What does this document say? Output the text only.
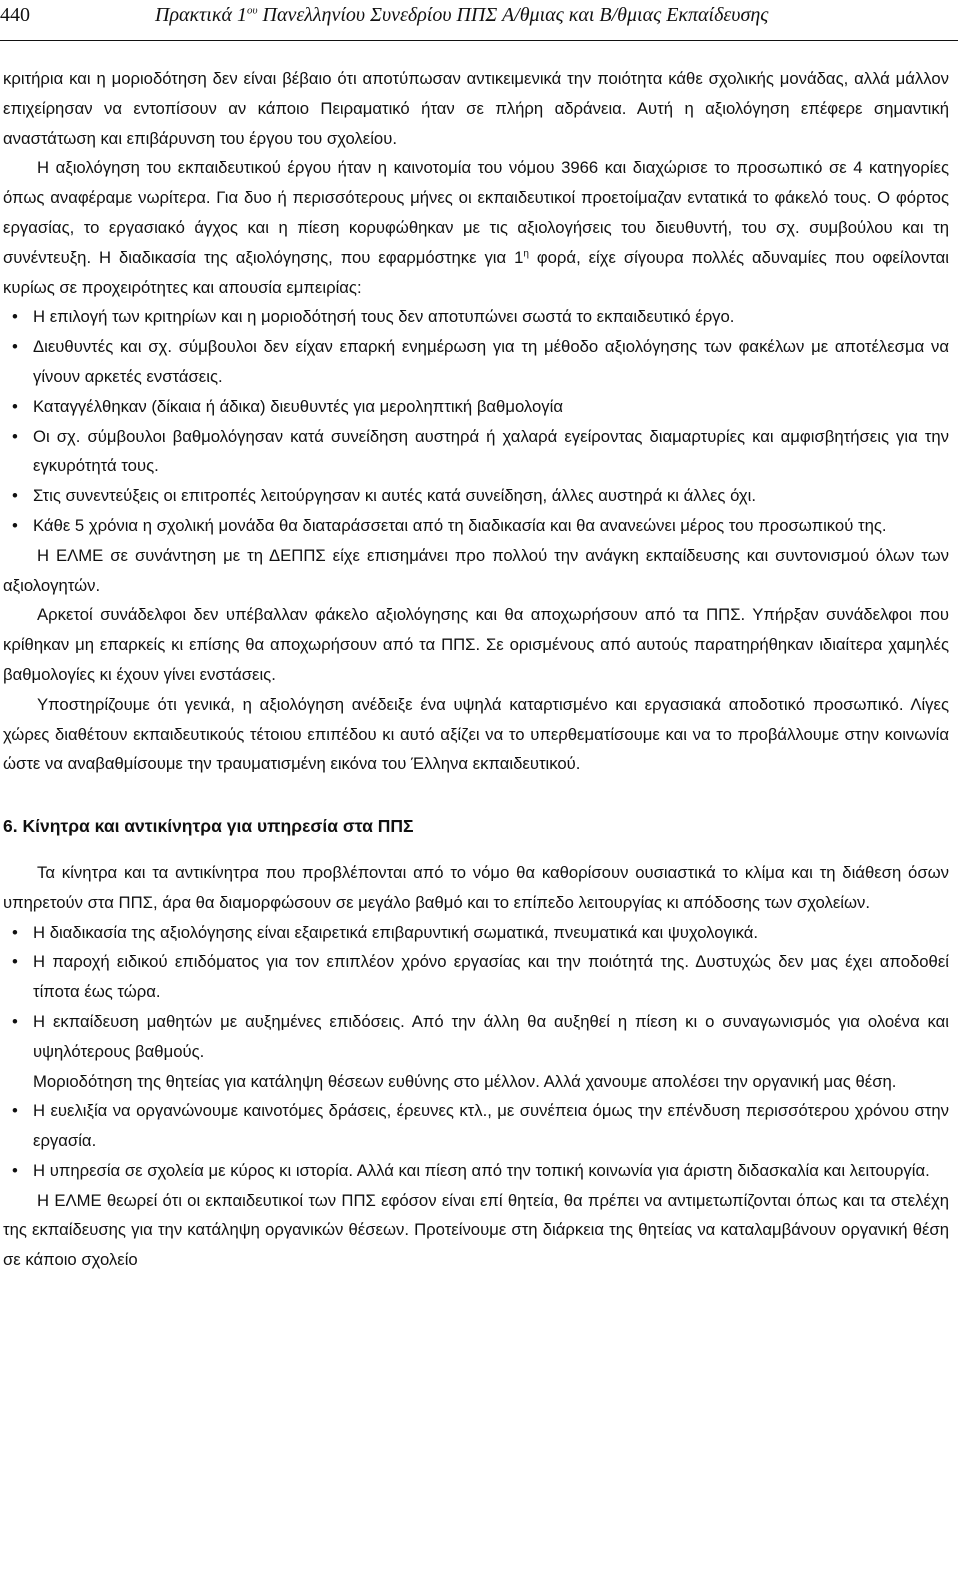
440	Πρακτικά $1^{o\upsilon}$ Πανελληνίου Συνεδρίου ΠΠΣ Α/θμιας και Β/θμιας Εκπαίδευσης

κριτήρια και η μοριοδότηση δεν είναι βέβαιο ότι αποτύπωσαν αντικειμενικά την ποιότητα κάθε σχολικής μονάδας, αλλά μάλλον επιχείρησαν να εντοπίσουν αν κάποιο Πειραματικό ήταν σε πλήρη αδράνεια. Αυτή η αξιολόγηση επέφερε σημαντική αναστάτωση και επιβάρυνση του έργου του σχολείου.

Η αξιολόγηση του εκπαιδευτικού έργου ήταν η καινοτομία του νόμου 3966 και διαχώρισε το προσωπικό σε 4 κατηγορίες όπως αναφέραμε νωρίτερα. Για δυο ή περισσότερους μήνες οι εκπαιδευτικοί προετοίμαζαν εντατικά το φάκελό τους. Ο φόρτος εργασίας, το εργασιακό άγχος και η πίεση κορυφώθηκαν με τις αξιολογήσεις του διευθυντή, του σχ. συμβούλου και τη συνέντευξη. Η διαδικασία της αξιολόγησης, που εφαρμόστηκε για $1^\eta$ φορά, είχε σίγουρα πολλές αδυναμίες που οφείλονται κυρίως σε προχειρότητες και απουσία εμπειρίας:

• Η επιλογή των κριτηρίων και η μοριοδότησή τους δεν αποτυπώνει σωστά το εκπαιδευτικό έργο.
• Διευθυντές και σχ. σύμβουλοι δεν είχαν επαρκή ενημέρωση για τη μέθοδο αξιολόγησης των φακέλων με αποτέλεσμα να γίνουν αρκετές ενστάσεις.
• Καταγγέλθηκαν (δίκαια ή άδικα) διευθυντές για μεροληπτική βαθμολογία
• Οι σχ. σύμβουλοι βαθμολόγησαν κατά συνείδηση αυστηρά ή χαλαρά εγείροντας διαμαρτυρίες και αμφισβητήσεις για την εγκυρότητά τους.
• Στις συνεντεύξεις οι επιτροπές λειτούργησαν κι αυτές κατά συνείδηση, άλλες αυστηρά κι άλλες όχι.
• Κάθε 5 χρόνια η σχολική μονάδα θα διαταράσσεται από τη διαδικασία και θα ανανεώνει μέρος του προσωπικού της.

Η ΕΛΜΕ σε συνάντηση με τη ΔΕΠΠΣ είχε επισημάνει προ πολλού την ανάγκη εκπαίδευσης και συντονισμού όλων των αξιολογητών.

Αρκετοί συνάδελφοι δεν υπέβαλλαν φάκελο αξιολόγησης και θα αποχωρήσουν από τα ΠΠΣ. Υπήρξαν συνάδελφοι που κρίθηκαν μη επαρκείς κι επίσης θα αποχωρήσουν από τα ΠΠΣ. Σε ορισμένους από αυτούς παρατηρήθηκαν ιδιαίτερα χαμηλές βαθμολογίες κι έχουν γίνει ενστάσεις.

Υποστηρίζουμε ότι γενικά, η αξιολόγηση ανέδειξε ένα υψηλά καταρτισμένο και εργασιακά αποδοτικό προσωπικό. Λίγες χώρες διαθέτουν εκπαιδευτικούς τέτοιου επιπέδου κι αυτό αξίζει να το υπερθεματίσουμε και να το προβάλλουμε στην κοινωνία ώστε να αναβαθμίσουμε την τραυματισμένη εικόνα του Έλληνα εκπαιδευτικού.

6. Κίνητρα και αντικίνητρα για υπηρεσία στα ΠΠΣ

Τα κίνητρα και τα αντικίνητρα που προβλέπονται από το νόμο θα καθορίσουν ουσιαστικά το κλίμα και τη διάθεση όσων υπηρετούν στα ΠΠΣ, άρα θα διαμορφώσουν σε μεγάλο βαθμό και το επίπεδο λειτουργίας κι απόδοσης των σχολείων.

• Η διαδικασία της αξιολόγησης είναι εξαιρετικά επιβαρυντική σωματικά, πνευματικά και ψυχολογικά.
• Η παροχή ειδικού επιδόματος για τον επιπλέον χρόνο εργασίας και την ποιότητά της. Δυστυχώς δεν μας έχει αποδοθεί τίποτα έως τώρα.
• Η εκπαίδευση μαθητών με αυξημένες επιδόσεις. Από την άλλη θα αυξηθεί η πίεση κι ο συναγωνισμός για ολοένα και υψηλότερους βαθμούς.
Μοριοδότηση της θητείας για κατάληψη θέσεων ευθύνης στο μέλλον. Αλλά χανουμε απολέσει την οργανική μας θέση.
• Η ευελιξία να οργανώνουμε καινοτόμες δράσεις, έρευνες κτλ., με συνέπεια όμως την επένδυση περισσότερου χρόνου στην εργασία.
• Η υπηρεσία σε σχολεία με κύρος κι ιστορία. Αλλά και πίεση από την τοπική κοινωνία για άριστη διδασκαλία και λειτουργία.

Η ΕΛΜΕ θεωρεί ότι οι εκπαιδευτικοί των ΠΠΣ εφόσον είναι επί θητεία, θα πρέπει να αντιμετωπίζονται όπως και τα στελέχη της εκπαίδευσης για την κατάληψη οργανικών θέσεων. Προτείνουμε στη διάρκεια της θητείας να καταλαμβάνουν οργανική θέση σε κάποιο σχολείο
